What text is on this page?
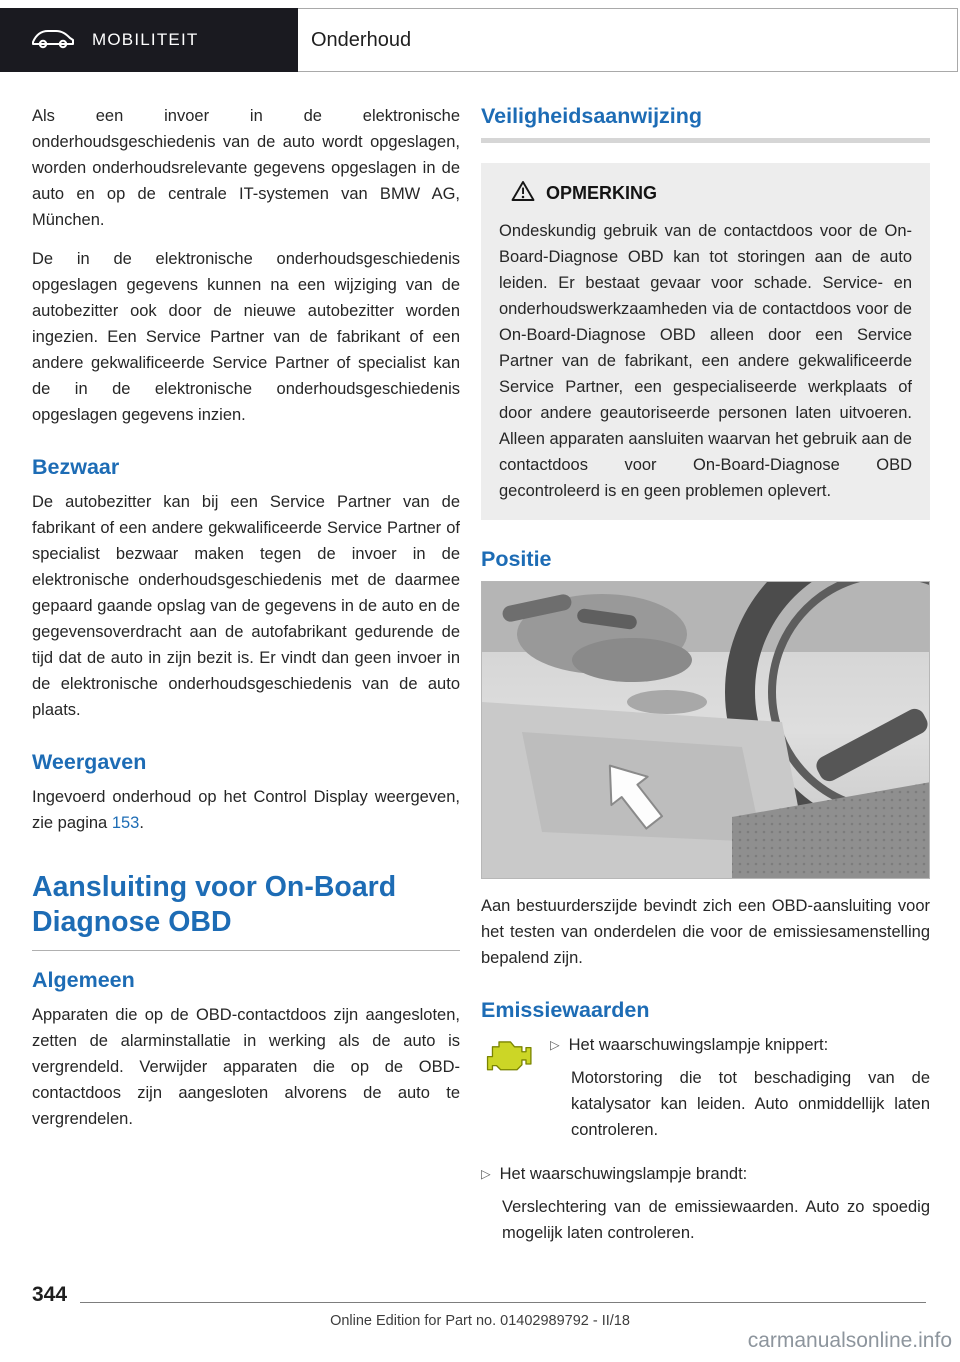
MOBILITEIT	Onderhoud

Als een invoer in de elektronische onderhoudsgeschiedenis van de auto wordt opgeslagen, worden onderhoudsrelevante gegevens opgeslagen in de auto en op de centrale IT-systemen van BMW AG, München.

De in de elektronische onderhoudsgeschiedenis opgeslagen gegevens kunnen na een wijziging van de autobezitter ook door de nieuwe autobezitter worden ingezien. Een Service Partner van de fabrikant of een andere gekwalificeerde Service Partner of specialist kan de in de elektronische onderhoudsgeschiedenis opgeslagen gegevens inzien.

Bezwaar

De autobezitter kan bij een Service Partner van de fabrikant of een andere gekwalificeerde Service Partner of specialist bezwaar maken tegen de invoer in de elektronische onderhoudsgeschiedenis met de daarmee gepaard gaande opslag van de gegevens in de auto en de gegevensoverdracht aan de autofabrikant gedurende de tijd dat de auto in zijn bezit is. Er vindt dan geen invoer in de elektronische onderhoudsgeschiedenis van de auto plaats.

Weergaven

Ingevoerd onderhoud op het Control Display weergeven, zie pagina 153.

Aansluiting voor On-Board Diagnose OBD
Algemeen

Apparaten die op de OBD-contactdoos zijn aangesloten, zetten de alarminstallatie in werking als de auto is vergrendeld. Verwijder apparaten die op de OBD-contactdoos zijn aangesloten alvorens de auto te vergrendelen.

Veiligheidsaanwijzing
OPMERKING

Ondeskundig gebruik van de contactdoos voor de On-Board-Diagnose OBD kan tot storingen aan de auto leiden. Er bestaat gevaar voor schade. Service- en onderhoudswerkzaamheden via de contactdoos voor de On-Board-Diagnose OBD alleen door een Service Partner van de fabrikant, een andere gekwalificeerde Service Partner, een gespecialiseerde werkplaats of door andere geautoriseerde personen laten uitvoeren. Alleen apparaten aansluiten waarvan het gebruik aan de contactdoos voor On-Board-Diagnose OBD gecontroleerd is en geen problemen oplevert.

Positie

Aan bestuurderszijde bevindt zich een OBD-aansluiting voor het testen van onderdelen die voor de emissiesamenstelling bepalend zijn.

Emissiewaarden
▷ Het waarschuwingslampje knippert:

Motorstoring die tot beschadiging van de katalysator kan leiden. Auto onmiddellijk laten controleren.

▷ Het waarschuwingslampje brandt:

Verslechtering van de emissiewaarden. Auto zo spoedig mogelijk laten controleren.

344
Online Edition for Part no. 01402989792 - II/18
carmanualsonline.info
